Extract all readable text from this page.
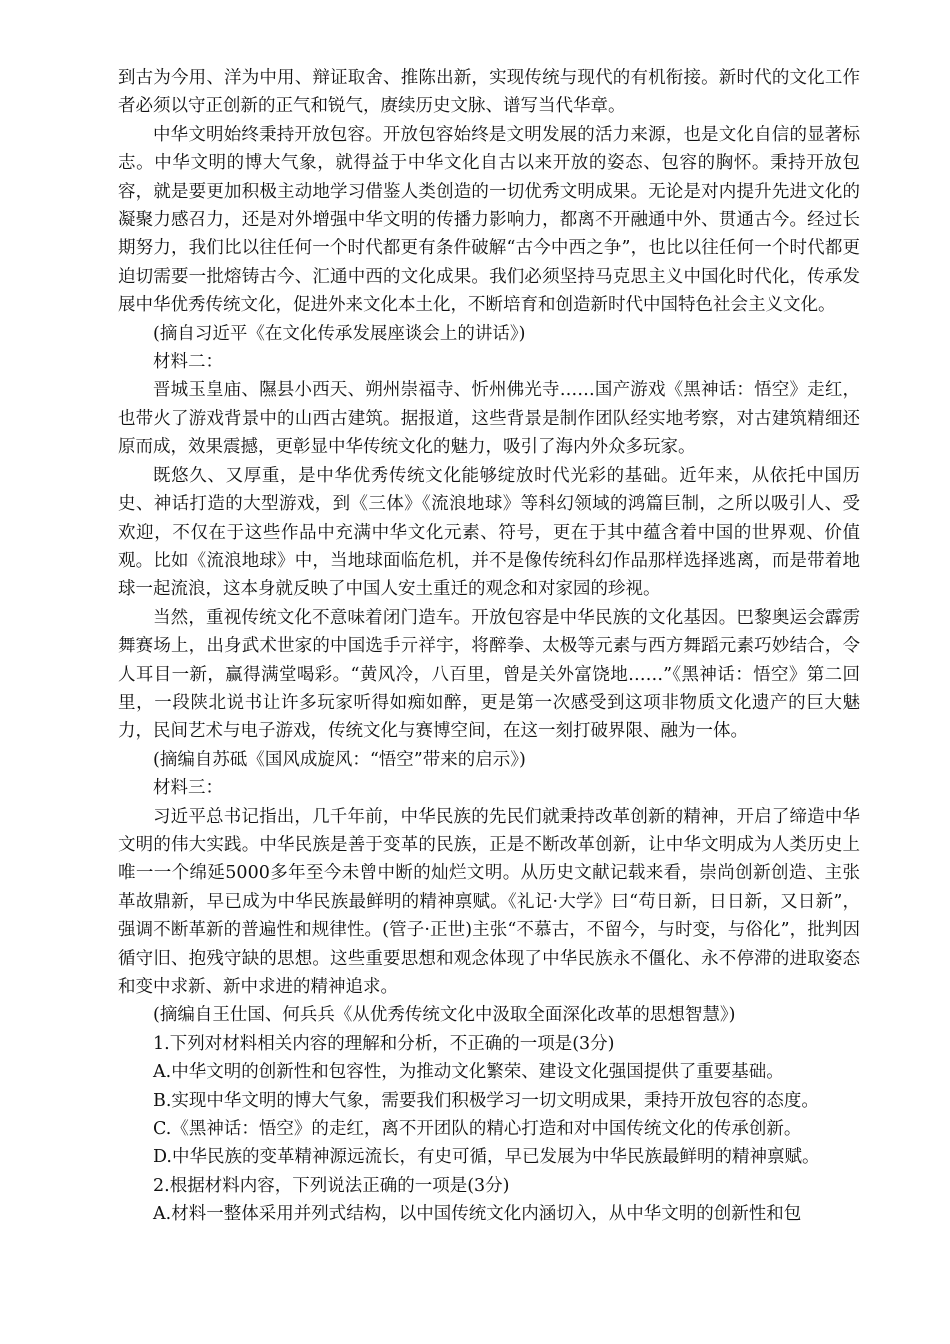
到古为今用、洋为中用、辩证取舍、推陈出新，实现传统与现代的有机衔接。新时代的文化工作者必须以守正创新的正气和锐气，赓续历史文脉、谱写当代华章。

中华文明始终秉持开放包容。开放包容始终是文明发展的活力来源，也是文化自信的显著标志。中华文明的博大气象，就得益于中华文化自古以来开放的姿态、包容的胸怀。秉持开放包容，就是要更加积极主动地学习借鉴人类创造的一切优秀文明成果。无论是对内提升先进文化的凝聚力感召力，还是对外增强中华文明的传播力影响力，都离不开融通中外、贯通古今。经过长期努力，我们比以往任何一个时代都更有条件破解“古今中西之争”，也比以往任何一个时代都更迫切需要一批熔铸古今、汇通中西的文化成果。我们必须坚持马克思主义中国化时代化，传承发展中华优秀传统文化，促进外来文化本土化，不断培育和创造新时代中国特色社会主义文化。

(摘自习近平《在文化传承发展座谈会上的讲话》)

材料二：

晋城玉皇庙、隰县小西天、朔州崇福寺、忻州佛光寺……国产游戏《黑神话：悟空》走红，也带火了游戏背景中的山西古建筑。据报道，这些背景是制作团队经实地考察，对古建筑精细还原而成，效果震撼，更彰显中华传统文化的魅力，吸引了海内外众多玩家。

既悠久、又厚重，是中华优秀传统文化能够绽放时代光彩的基础。近年来，从依托中国历史、神话打造的大型游戏，到《三体》《流浪地球》等科幻领域的鸿篇巨制，之所以吸引人、受欢迎，不仅在于这些作品中充满中华文化元素、符号，更在于其中蕴含着中国的世界观、价值观。比如《流浪地球》中，当地球面临危机，并不是像传统科幻作品那样选择逃离，而是带着地球一起流浪，这本身就反映了中国人安土重迁的观念和对家园的珍视。

当然，重视传统文化不意味着闭门造车。开放包容是中华民族的文化基因。巴黎奥运会霹雳舞赛场上，出身武术世家的中国选手亓祥宇，将醉拳、太极等元素与西方舞蹈元素巧妙结合，令人耳目一新，赢得满堂喝彩。“黄风冷，八百里，曾是关外富饶地……”《黑神话：悟空》第二回里，一段陕北说书让许多玩家听得如痴如醉，更是第一次感受到这项非物质文化遗产的巨大魅力，民间艺术与电子游戏，传统文化与赛博空间，在这一刻打破界限、融为一体。

(摘编自苏砥《国风成旋风：“悟空”带来的启示》)

材料三：

习近平总书记指出，几千年前，中华民族的先民们就秉持改革创新的精神，开启了缔造中华文明的伟大实践。中华民族是善于变革的民族，正是不断改革创新，让中华文明成为人类历史上唯一一个绵延5000多年至今未曾中断的灿烂文明。从历史文献记载来看，崇尚创新创造、主张革故鼎新，早已成为中华民族最鲜明的精神禀赋。《礼记·大学》曰“苟日新，日日新，又日新”，强调不断革新的普遍性和规律性。(管子·正世)主张“不慕古，不留今，与时变，与俗化”，批判因循守旧、抱残守缺的思想。这些重要思想和观念体现了中华民族永不僵化、永不停滞的进取姿态和变中求新、新中求进的精神追求。

(摘编自王仕国、何兵兵《从优秀传统文化中汲取全面深化改革的思想智慧》)

1.下列对材料相关内容的理解和分析，不正确的一项是(3分)

A.中华文明的创新性和包容性，为推动文化繁荣、建设文化强国提供了重要基础。

B.实现中华文明的博大气象，需要我们积极学习一切文明成果，秉持开放包容的态度。

C.《黑神话：悟空》的走红，离不开团队的精心打造和对中国传统文化的传承创新。

D.中华民族的变革精神源远流长，有史可循，早已发展为中华民族最鲜明的精神禀赋。

2.根据材料内容，下列说法正确的一项是(3分)

A.材料一整体采用并列式结构，以中国传统文化内涵切入，从中华文明的创新性和包
